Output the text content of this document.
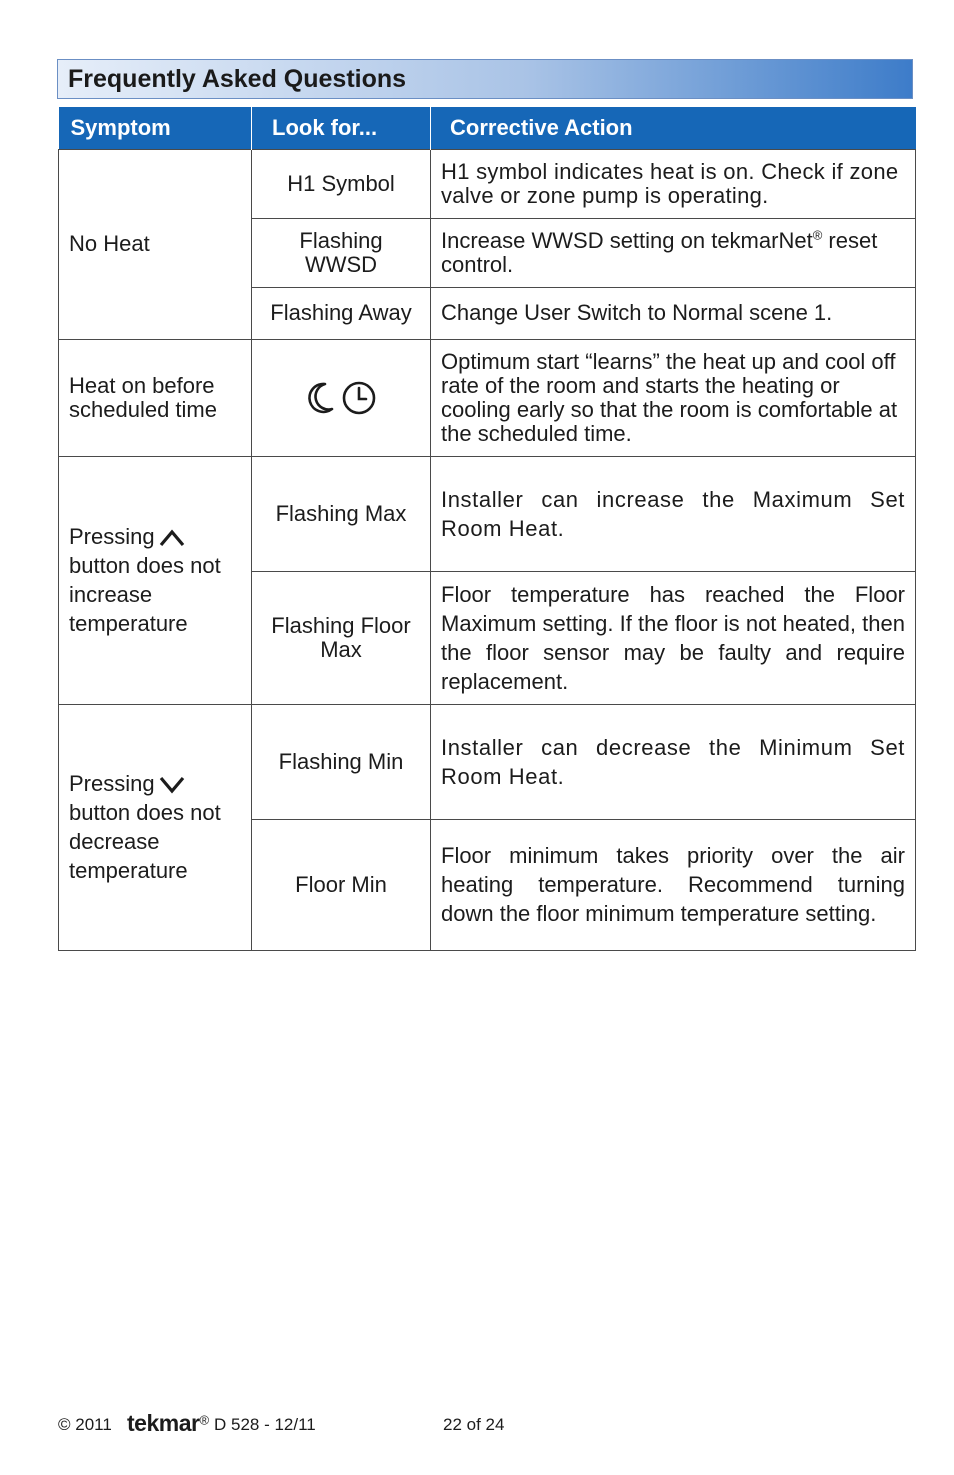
Frequently Asked Questions
Symptom	Look for...	Corrective Action
No Heat	H1 Symbol	H1 symbol indicates heat is on. Check if zone valve or zone pump is operating.
	Flashing WWSD	Increase WWSD setting on tekmarNet® reset control.
	Flashing Away	Change User Switch to Normal scene 1.
Heat on before scheduled time		Optimum start “learns” the heat up and cool off rate of the room and starts the heating or cooling early so that the room is comfortable at the scheduled time.
Pressing
button does not increase temperature	Flashing Max	Installer can increase the Maximum Set Room Heat.
	Flashing Floor Max	Floor temperature has reached the Floor Maximum setting. If the floor is not heated, then the floor sensor may be faulty and require replacement.
Pressing
button does not decrease temperature	Flashing Min	Installer can decrease the Minimum Set Room Heat.
	Floor Min	Floor minimum takes priority over the air heating temperature. Recommend turning down the floor minimum temperature setting.
© 2011 tekmar® D 528 - 12/11	22 of 24
